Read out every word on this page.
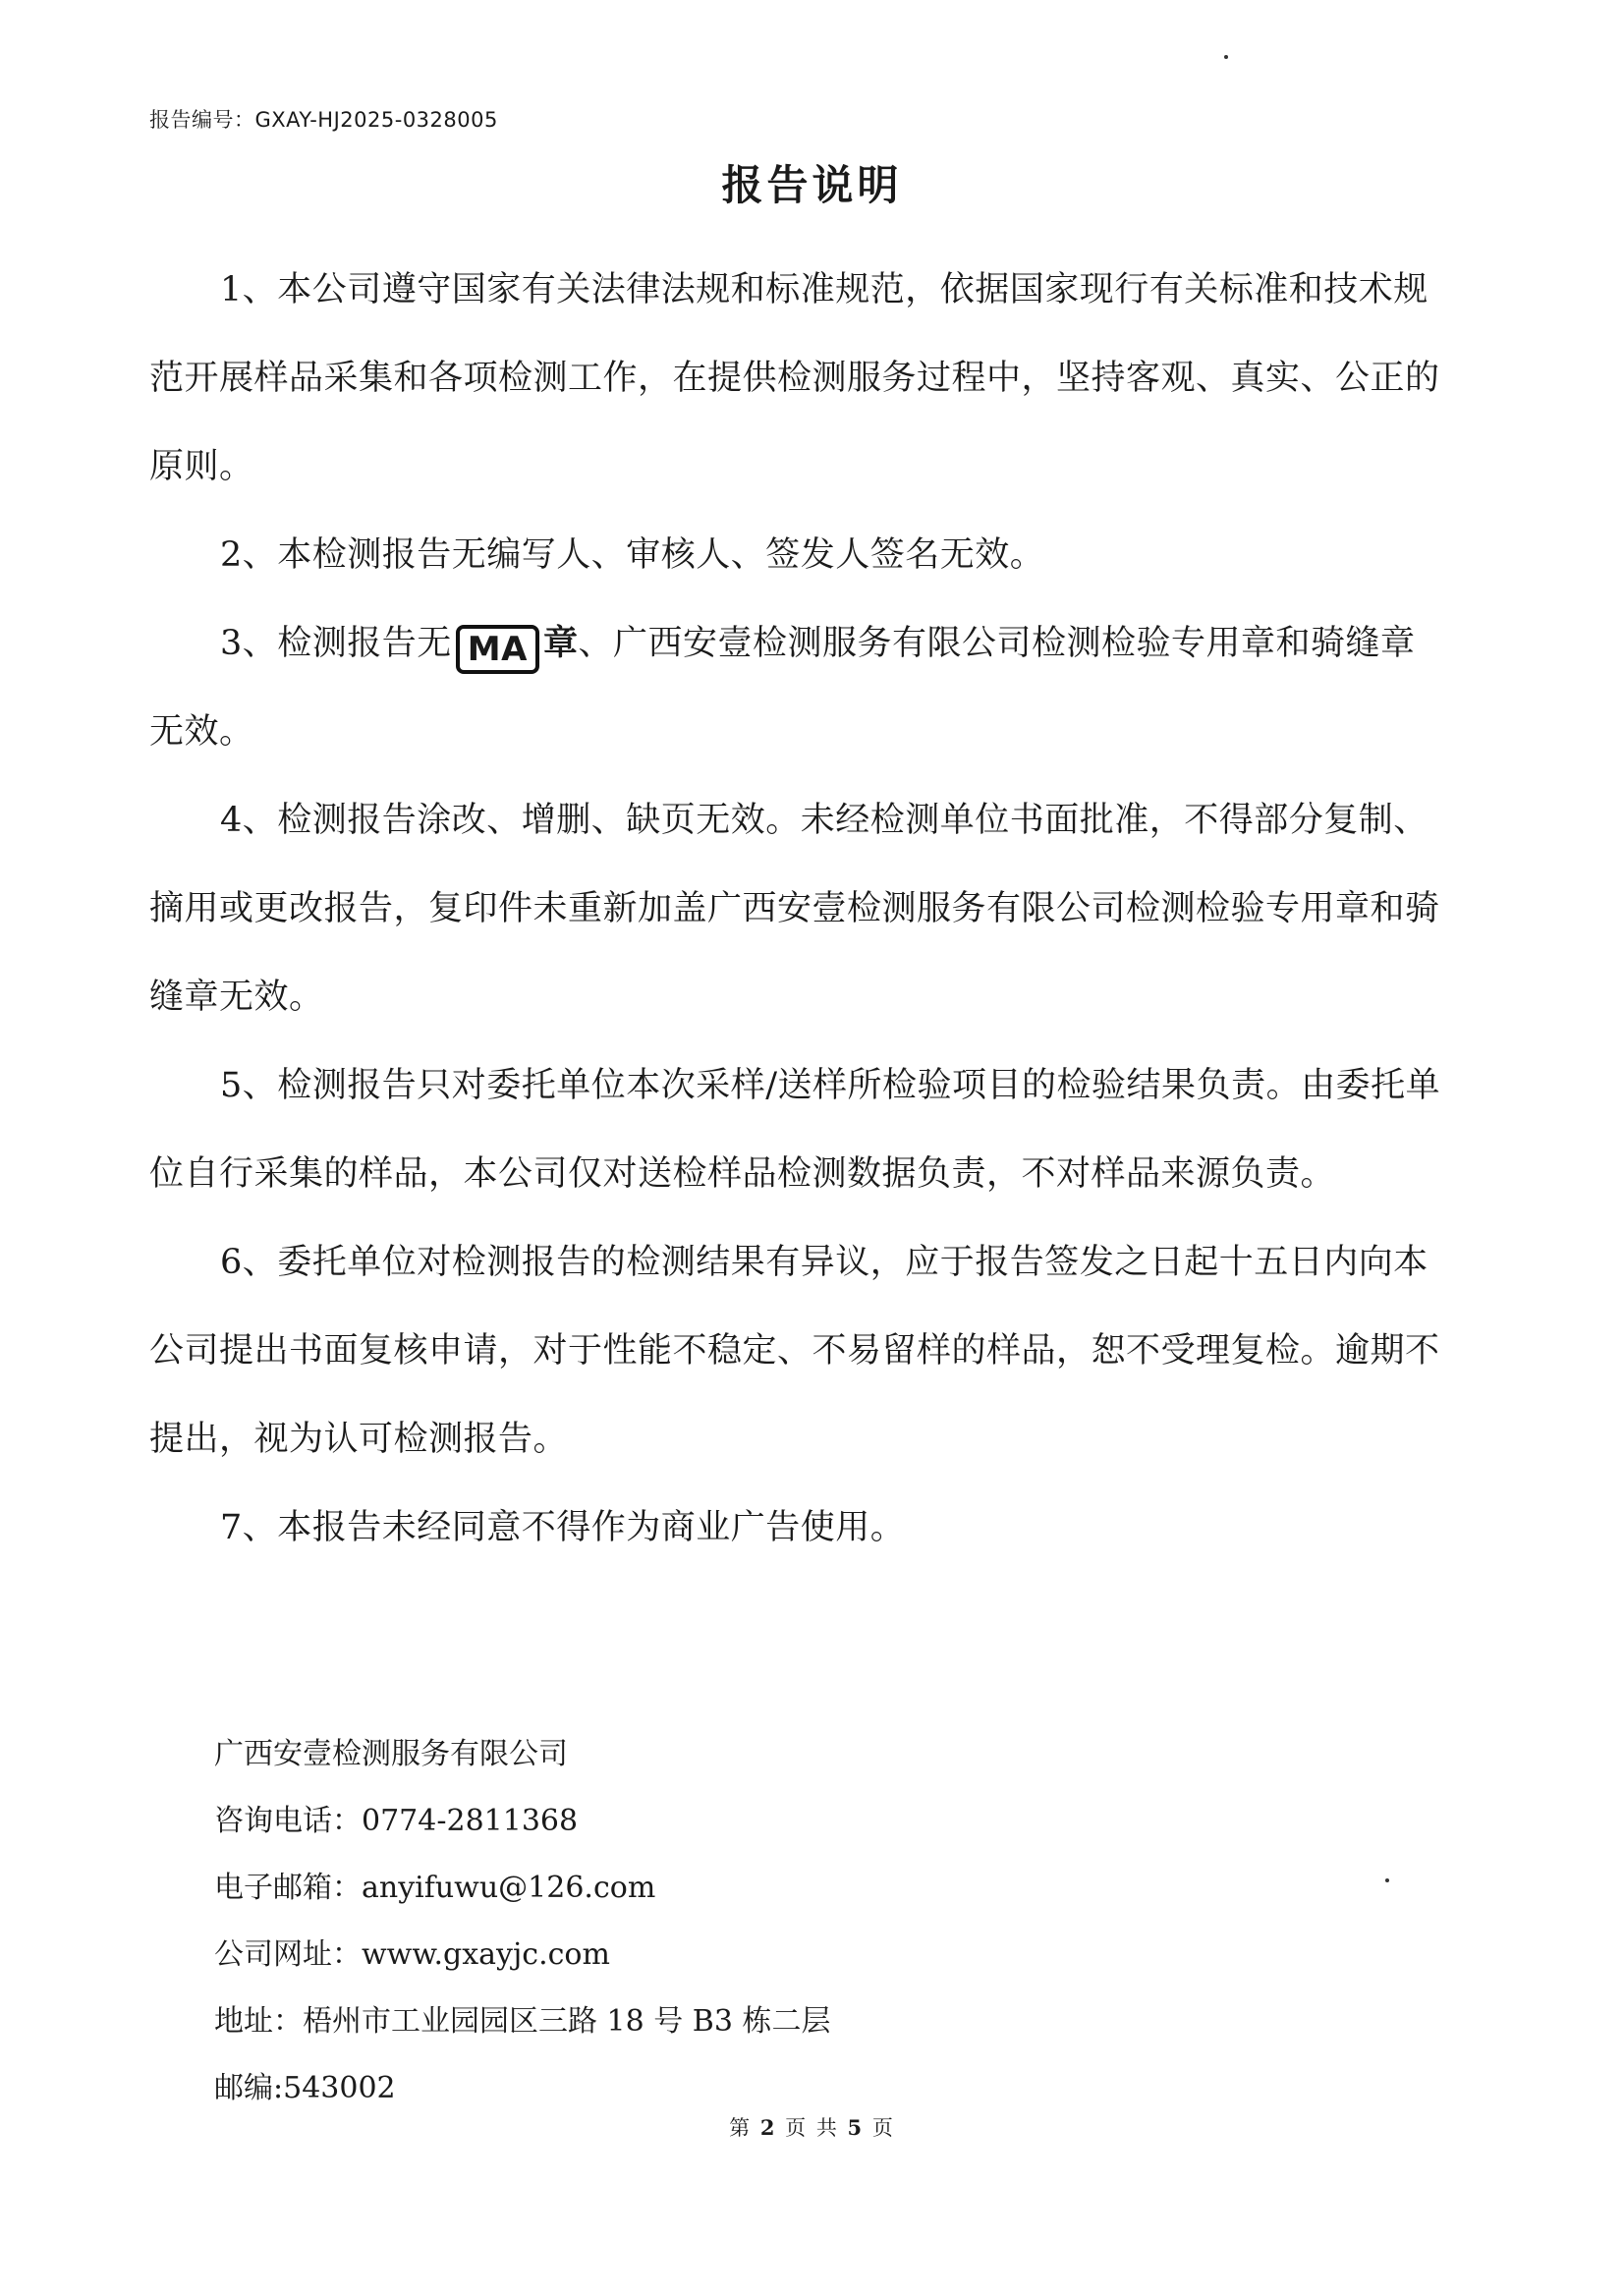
报告编号：GXAY-HJ2025-0328005
报告说明

1、本公司遵守国家有关法律法规和标准规范，依据国家现行有关标准和技术规范开展样品采集和各项检测工作，在提供检测服务过程中，坚持客观、真实、公正的原则。

2、本检测报告无编写人、审核人、签发人签名无效。

3、检测报告无 MA 章、广西安壹检测服务有限公司检测检验专用章和骑缝章无效。

4、检测报告涂改、增删、缺页无效。未经检测单位书面批准，不得部分复制、摘用或更改报告，复印件未重新加盖广西安壹检测服务有限公司检测检验专用章和骑缝章无效。

5、检测报告只对委托单位本次采样/送样所检验项目的检验结果负责。由委托单位自行采集的样品，本公司仅对送检样品检测数据负责，不对样品来源负责。

6、委托单位对检测报告的检测结果有异议，应于报告签发之日起十五日内向本公司提出书面复核申请，对于性能不稳定、不易留样的样品，恕不受理复检。逾期不提出，视为认可检测报告。

7、本报告未经同意不得作为商业广告使用。

广西安壹检测服务有限公司
咨询电话：0774-2811368
电子邮箱：anyifuwu@126.com
公司网址：www.gxayjc.com
地址：梧州市工业园园区三路 18 号 B3 栋二层
邮编:543002
第 2 页 共 5 页
